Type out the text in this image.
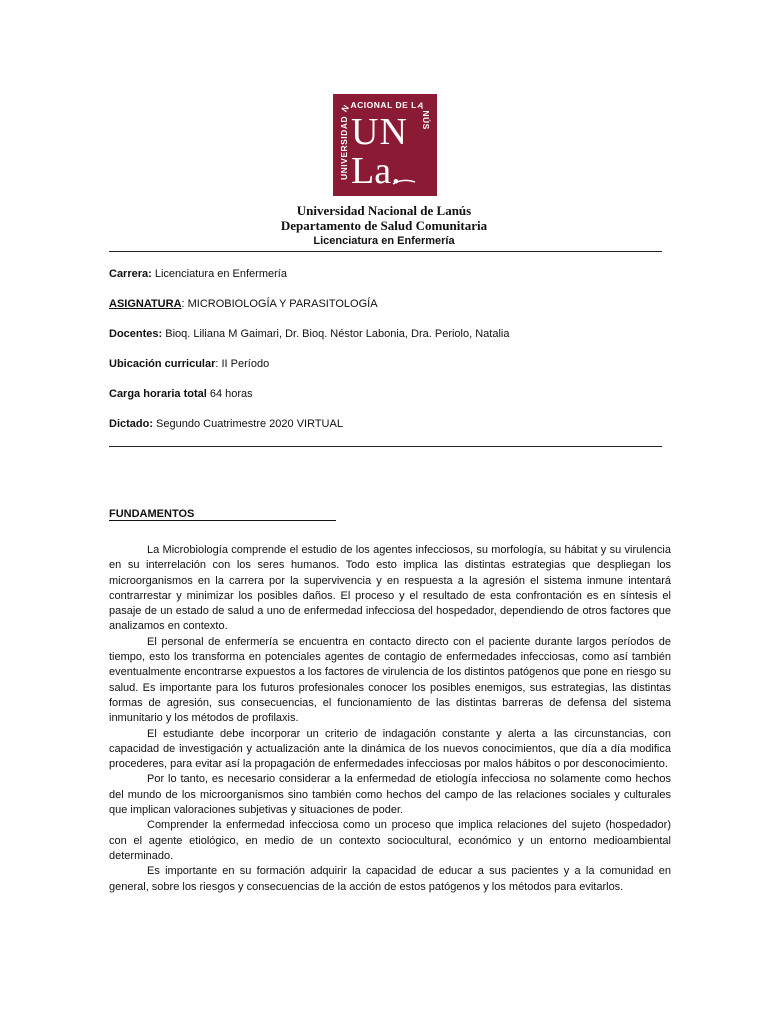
UNIVERSIDAD NACIONAL DE LANÚS
UN
La.
Universidad Nacional de Lanús
Departamento de Salud Comunitaria
Licenciatura en Enfermería
Carrera: Licenciatura en Enfermería
ASIGNATURA: MICROBIOLOGÍA Y PARASITOLOGÍA
Docentes: Bioq. Liliana M Gaimari, Dr. Bioq. Néstor Labonia, Dra. Periolo, Natalia
Ubicación curricular: II Período
Carga horaria total 64 horas
Dictado: Segundo Cuatrimestre 2020 VIRTUAL
FUNDAMENTOS

La Microbiología comprende el estudio de los agentes infecciosos, su morfología, su hábitat y su virulencia en su interrelación con los seres humanos. Todo esto implica las distintas estrategias que despliegan los microorganismos en la carrera por la supervivencia y en respuesta a la agresión el sistema inmune intentará contrarrestar y minimizar los posibles daños. El proceso y el resultado de esta confrontación es en síntesis el pasaje de un estado de salud a uno de enfermedad infecciosa del hospedador, dependiendo de otros factores que analizamos en contexto.

El personal de enfermería se encuentra en contacto directo con el paciente durante largos períodos de tiempo, esto los transforma en potenciales agentes de contagio de enfermedades infecciosas, como así también eventualmente encontrarse expuestos a los factores de virulencia de los distintos patógenos que pone en riesgo su salud. Es importante para los futuros profesionales conocer los posibles enemigos, sus estrategias, las distintas formas de agresión, sus consecuencias, el funcionamiento de las distintas barreras de defensa del sistema inmunitario y los métodos de profilaxis.

El estudiante debe incorporar un criterio de indagación constante y alerta a las circunstancias, con capacidad de investigación y actualización ante la dinámica de los nuevos conocimientos, que día a día modifica procederes, para evitar así la propagación de enfermedades infecciosas por malos hábitos o por desconocimiento.

Por lo tanto, es necesario considerar a la enfermedad de etiología infecciosa no solamente como hechos del mundo de los microorganismos sino también como hechos del campo de las relaciones sociales y culturales que implican valoraciones subjetivas y situaciones de poder.

Comprender la enfermedad infecciosa como un proceso que implica relaciones del sujeto (hospedador) con el agente etiológico, en medio de un contexto sociocultural, económico y un entorno medioambiental determinado.

Es importante en su formación adquirir la capacidad de educar a sus pacientes y a la comunidad en general, sobre los riesgos y consecuencias de la acción de estos patógenos y los métodos para evitarlos.
